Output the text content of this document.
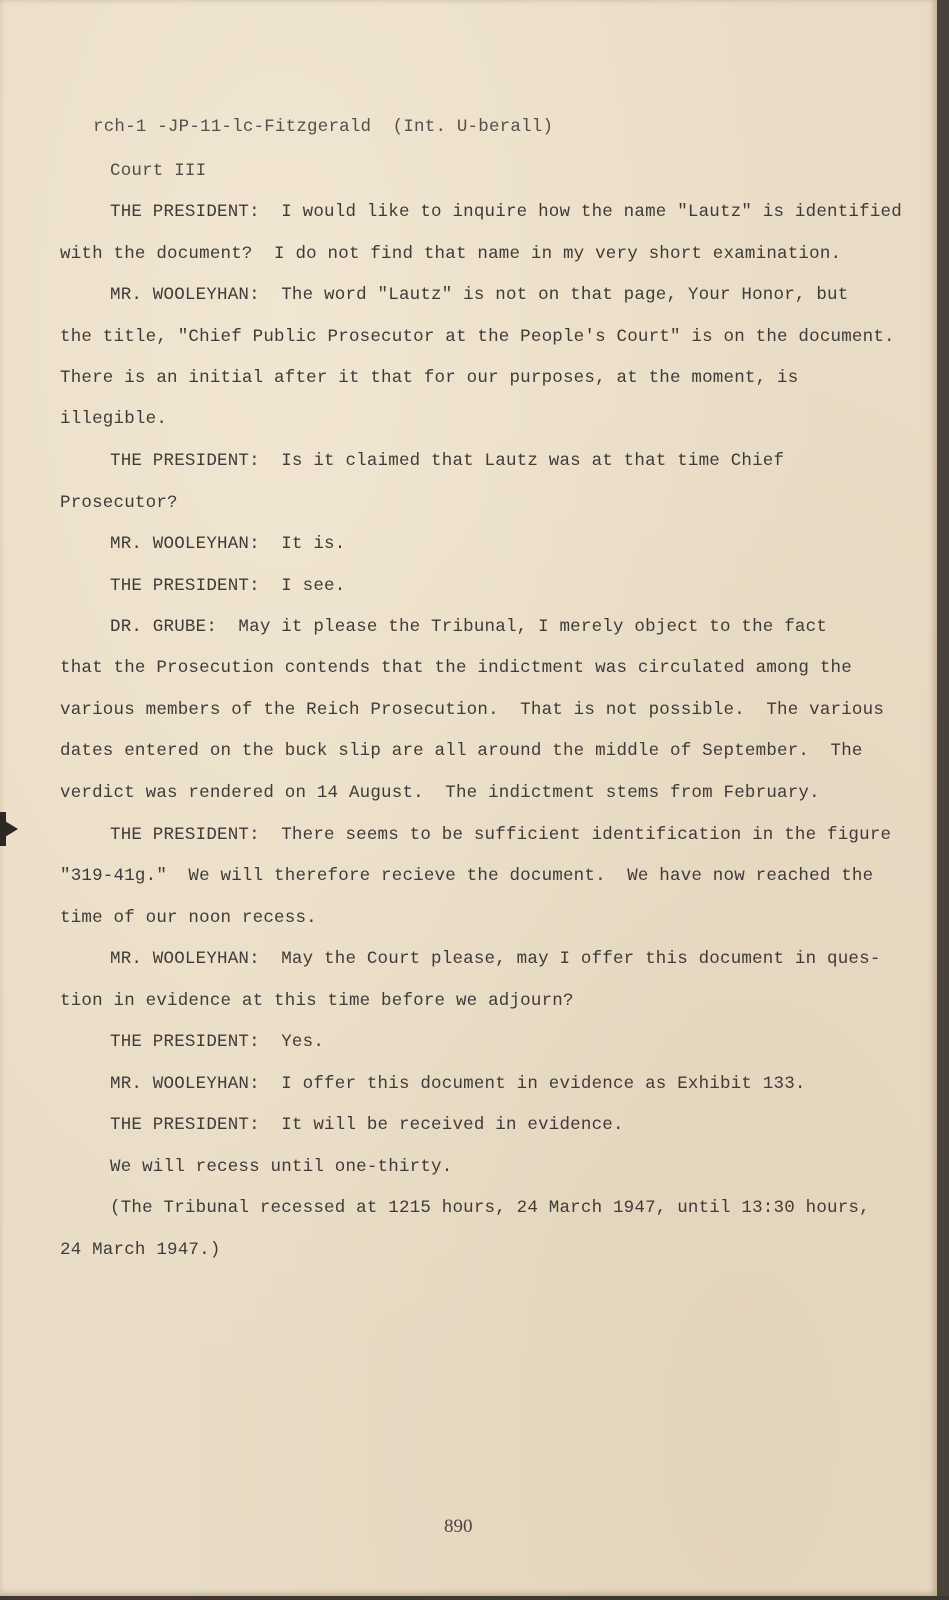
rch-1 -JP-11-lc-Fitzgerald  (Int. U-berall)

Court III

THE PRESIDENT:  I would like to inquire how the name "Lautz" is identified

with the document?  I do not find that name in my very short examination.

MR. WOOLEYHAN:  The word "Lautz" is not on that page, Your Honor, but

the title, "Chief Public Prosecutor at the People's Court" is on the document.

There is an initial after it that for our purposes, at the moment, is

illegible.

THE PRESIDENT:  Is it claimed that Lautz was at that time Chief

Prosecutor?

MR. WOOLEYHAN:  It is.

THE PRESIDENT:  I see.

DR. GRUBE:  May it please the Tribunal, I merely object to the fact

that the Prosecution contends that the indictment was circulated among the

various members of the Reich Prosecution.  That is not possible.  The various

dates entered on the buck slip are all around the middle of September.  The

verdict was rendered on 14 August.  The indictment stems from February.

THE PRESIDENT:  There seems to be sufficient identification in the figure

"319-41g."  We will therefore recieve the document.  We have now reached the

time of our noon recess.

MR. WOOLEYHAN:  May the Court please, may I offer this document in ques-

tion in evidence at this time before we adjourn?

THE PRESIDENT:  Yes.

MR. WOOLEYHAN:  I offer this document in evidence as Exhibit 133.

THE PRESIDENT:  It will be received in evidence.

We will recess until one-thirty.

(The Tribunal recessed at 1215 hours, 24 March 1947, until 13:30 hours,

24 March 1947.)

890
